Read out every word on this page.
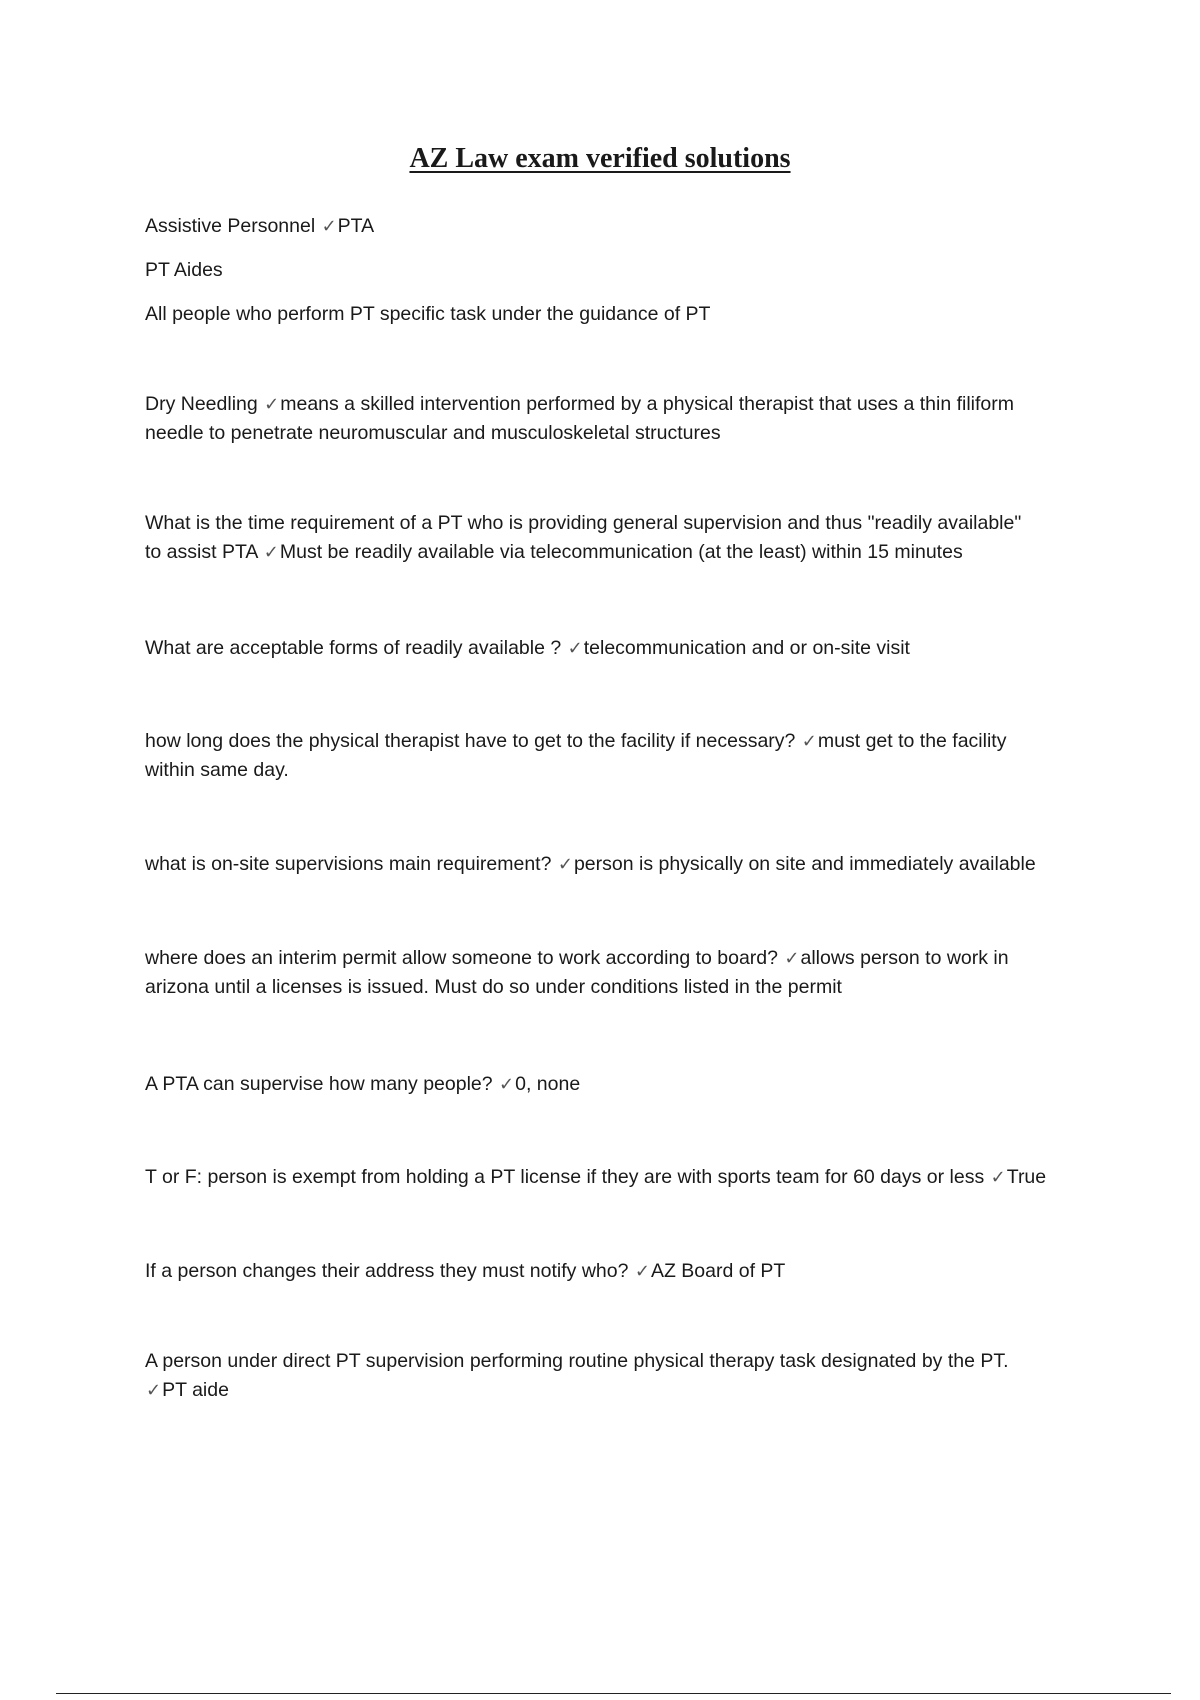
AZ Law exam verified solutions
Assistive Personnel ✓PTA
PT Aides
All people who perform PT specific task under the guidance of PT
Dry Needling ✓means a skilled intervention performed by a physical therapist that uses a thin filiform
needle to penetrate neuromuscular and musculoskeletal structures
What is the time requirement of a PT who is providing general supervision and thus "readily available"
to assist PTA ✓Must be readily available via telecommunication (at the least) within 15 minutes
What are acceptable forms of readily available ? ✓telecommunication and or on-site visit
how long does the physical therapist have to get to the facility if necessary? ✓must get to the facility
within same day.
what is on-site supervisions main requirement? ✓person is physically on site and immediately available
where does an interim permit allow someone to work according to board? ✓allows person to work in
arizona until a licenses is issued. Must do so under conditions listed in the permit
A PTA can supervise how many people? ✓0, none
T or F: person is exempt from holding a PT license if they are with sports team for 60 days or less ✓True
If a person changes their address they must notify who? ✓AZ Board of PT
A person under direct PT supervision performing routine physical therapy task designated by the PT.
✓PT aide
